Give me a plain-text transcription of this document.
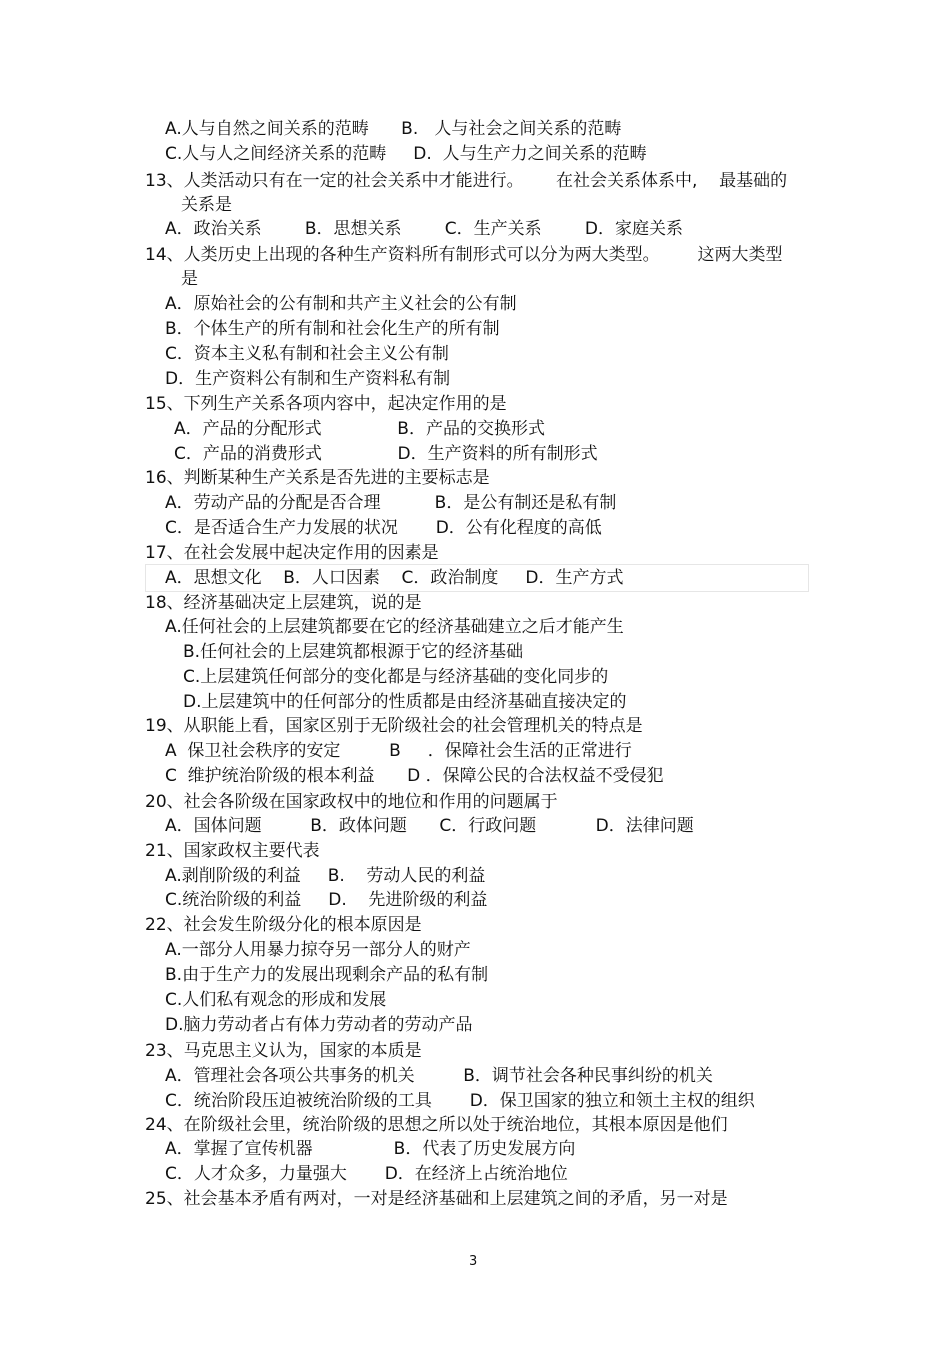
A.人与自然之间关系的范畴      B.   人与社会之间关系的范畴
C.人与人之间经济关系的范畴     D.  人与生产力之间关系的范畴
13、人类活动只有在一定的社会关系中才能进行。      在社会关系体系中,    最基础的
关系是
A．政治关系        B．思想关系        C．生产关系        D．家庭关系
14、人类历史上出现的各种生产资料所有制形式可以分为两大类型。       这两大类型
是
A．原始社会的公有制和共产主义社会的公有制
B．个体生产的所有制和社会化生产的所有制
C．资本主义私有制和社会主义公有制
D．生产资料公有制和生产资料私有制
15、下列生产关系各项内容中，起决定作用的是
A．产品的分配形式              B．产品的交换形式
C．产品的消费形式              D．生产资料的所有制形式
16、判断某种生产关系是否先进的主要标志是
A．劳动产品的分配是否合理          B．是公有制还是私有制
C．是否适合生产力发展的状况       D．公有化程度的高低
17、在社会发展中起决定作用的因素是
A．思想文化    B．人口因素    C．政治制度     D．生产方式
18、经济基础决定上层建筑，说的是
A.任何社会的上层建筑都要在它的经济基础建立之后才能产生
B.任何社会的上层建筑都根源于它的经济基础
C.上层建筑任何部分的变化都是与经济基础的变化同步的
D.上层建筑中的任何部分的性质都是由经济基础直接决定的
19、从职能上看，国家区别于无阶级社会的社会管理机关的特点是
A  保卫社会秩序的安定         B     ．保障社会生活的正常进行
C  维护统治阶级的根本利益      D ．保障公民的合法权益不受侵犯
20、社会各阶级在国家政权中的地位和作用的问题属于
A．国体问题         B．政体问题      C．行政问题           D．法律问题
21、国家政权主要代表
A.剥削阶级的利益     B.    劳动人民的利益
C.统治阶级的利益     D.    先进阶级的利益
22、社会发生阶级分化的根本原因是
A.一部分人用暴力掠夺另一部分人的财产
B.由于生产力的发展出现剩余产品的私有制
C.人们私有观念的形成和发展
D.脑力劳动者占有体力劳动者的劳动产品
23、马克思主义认为，国家的本质是
A．管理社会各项公共事务的机关         B．调节社会各种民事纠纷的机关
C．统治阶段压迫被统治阶级的工具       D．保卫国家的独立和领土主权的组织
24、在阶级社会里，统治阶级的思想之所以处于统治地位，其根本原因是他们
A．掌握了宣传机器               B．代表了历史发展方向
C．人才众多，力量强大       D．在经济上占统治地位
25、社会基本矛盾有两对，一对是经济基础和上层建筑之间的矛盾，另一对是
3
